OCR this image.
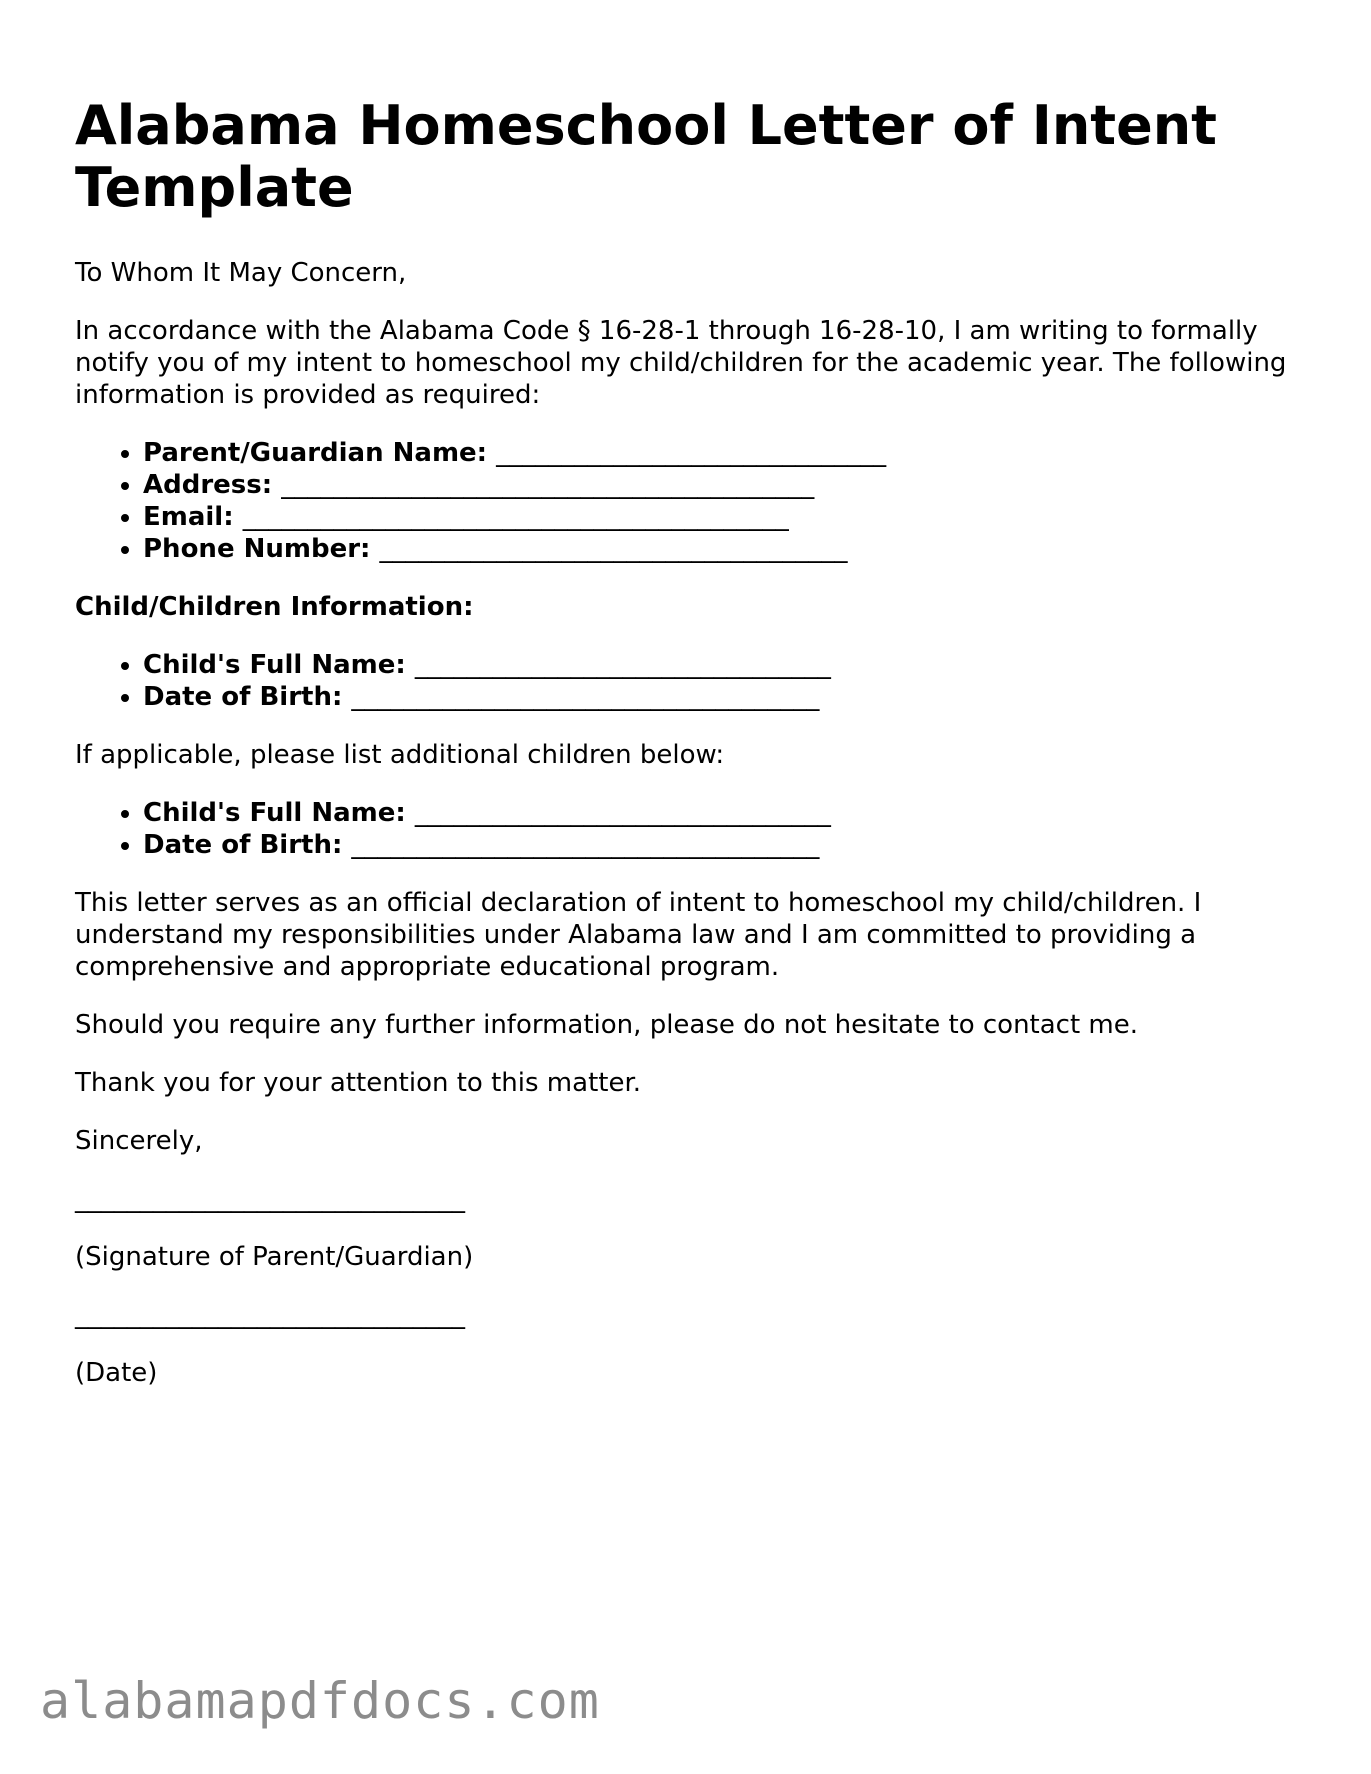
Alabama Homeschool Letter of Intent Template

To Whom It May Concern,

In accordance with the Alabama Code § 16-28-1 through 16-28-10, I am writing to formally notify you of my intent to homeschool my child/children for the academic year. The following information is provided as required:

• Parent/Guardian Name: ______________________________
• Address: _________________________________________
• Email: __________________________________________
• Phone Number: ____________________________________

Child/Children Information:

• Child's Full Name: ________________________________
• Date of Birth: ____________________________________

If applicable, please list additional children below:

• Child's Full Name: ________________________________
• Date of Birth: ____________________________________

This letter serves as an official declaration of intent to homeschool my child/children. I understand my responsibilities under Alabama law and I am committed to providing a comprehensive and appropriate educational program.

Should you require any further information, please do not hesitate to contact me.

Thank you for your attention to this matter.

Sincerely,

______________________________

(Signature of Parent/Guardian)

______________________________

(Date)

alabamapdfdocs.com
